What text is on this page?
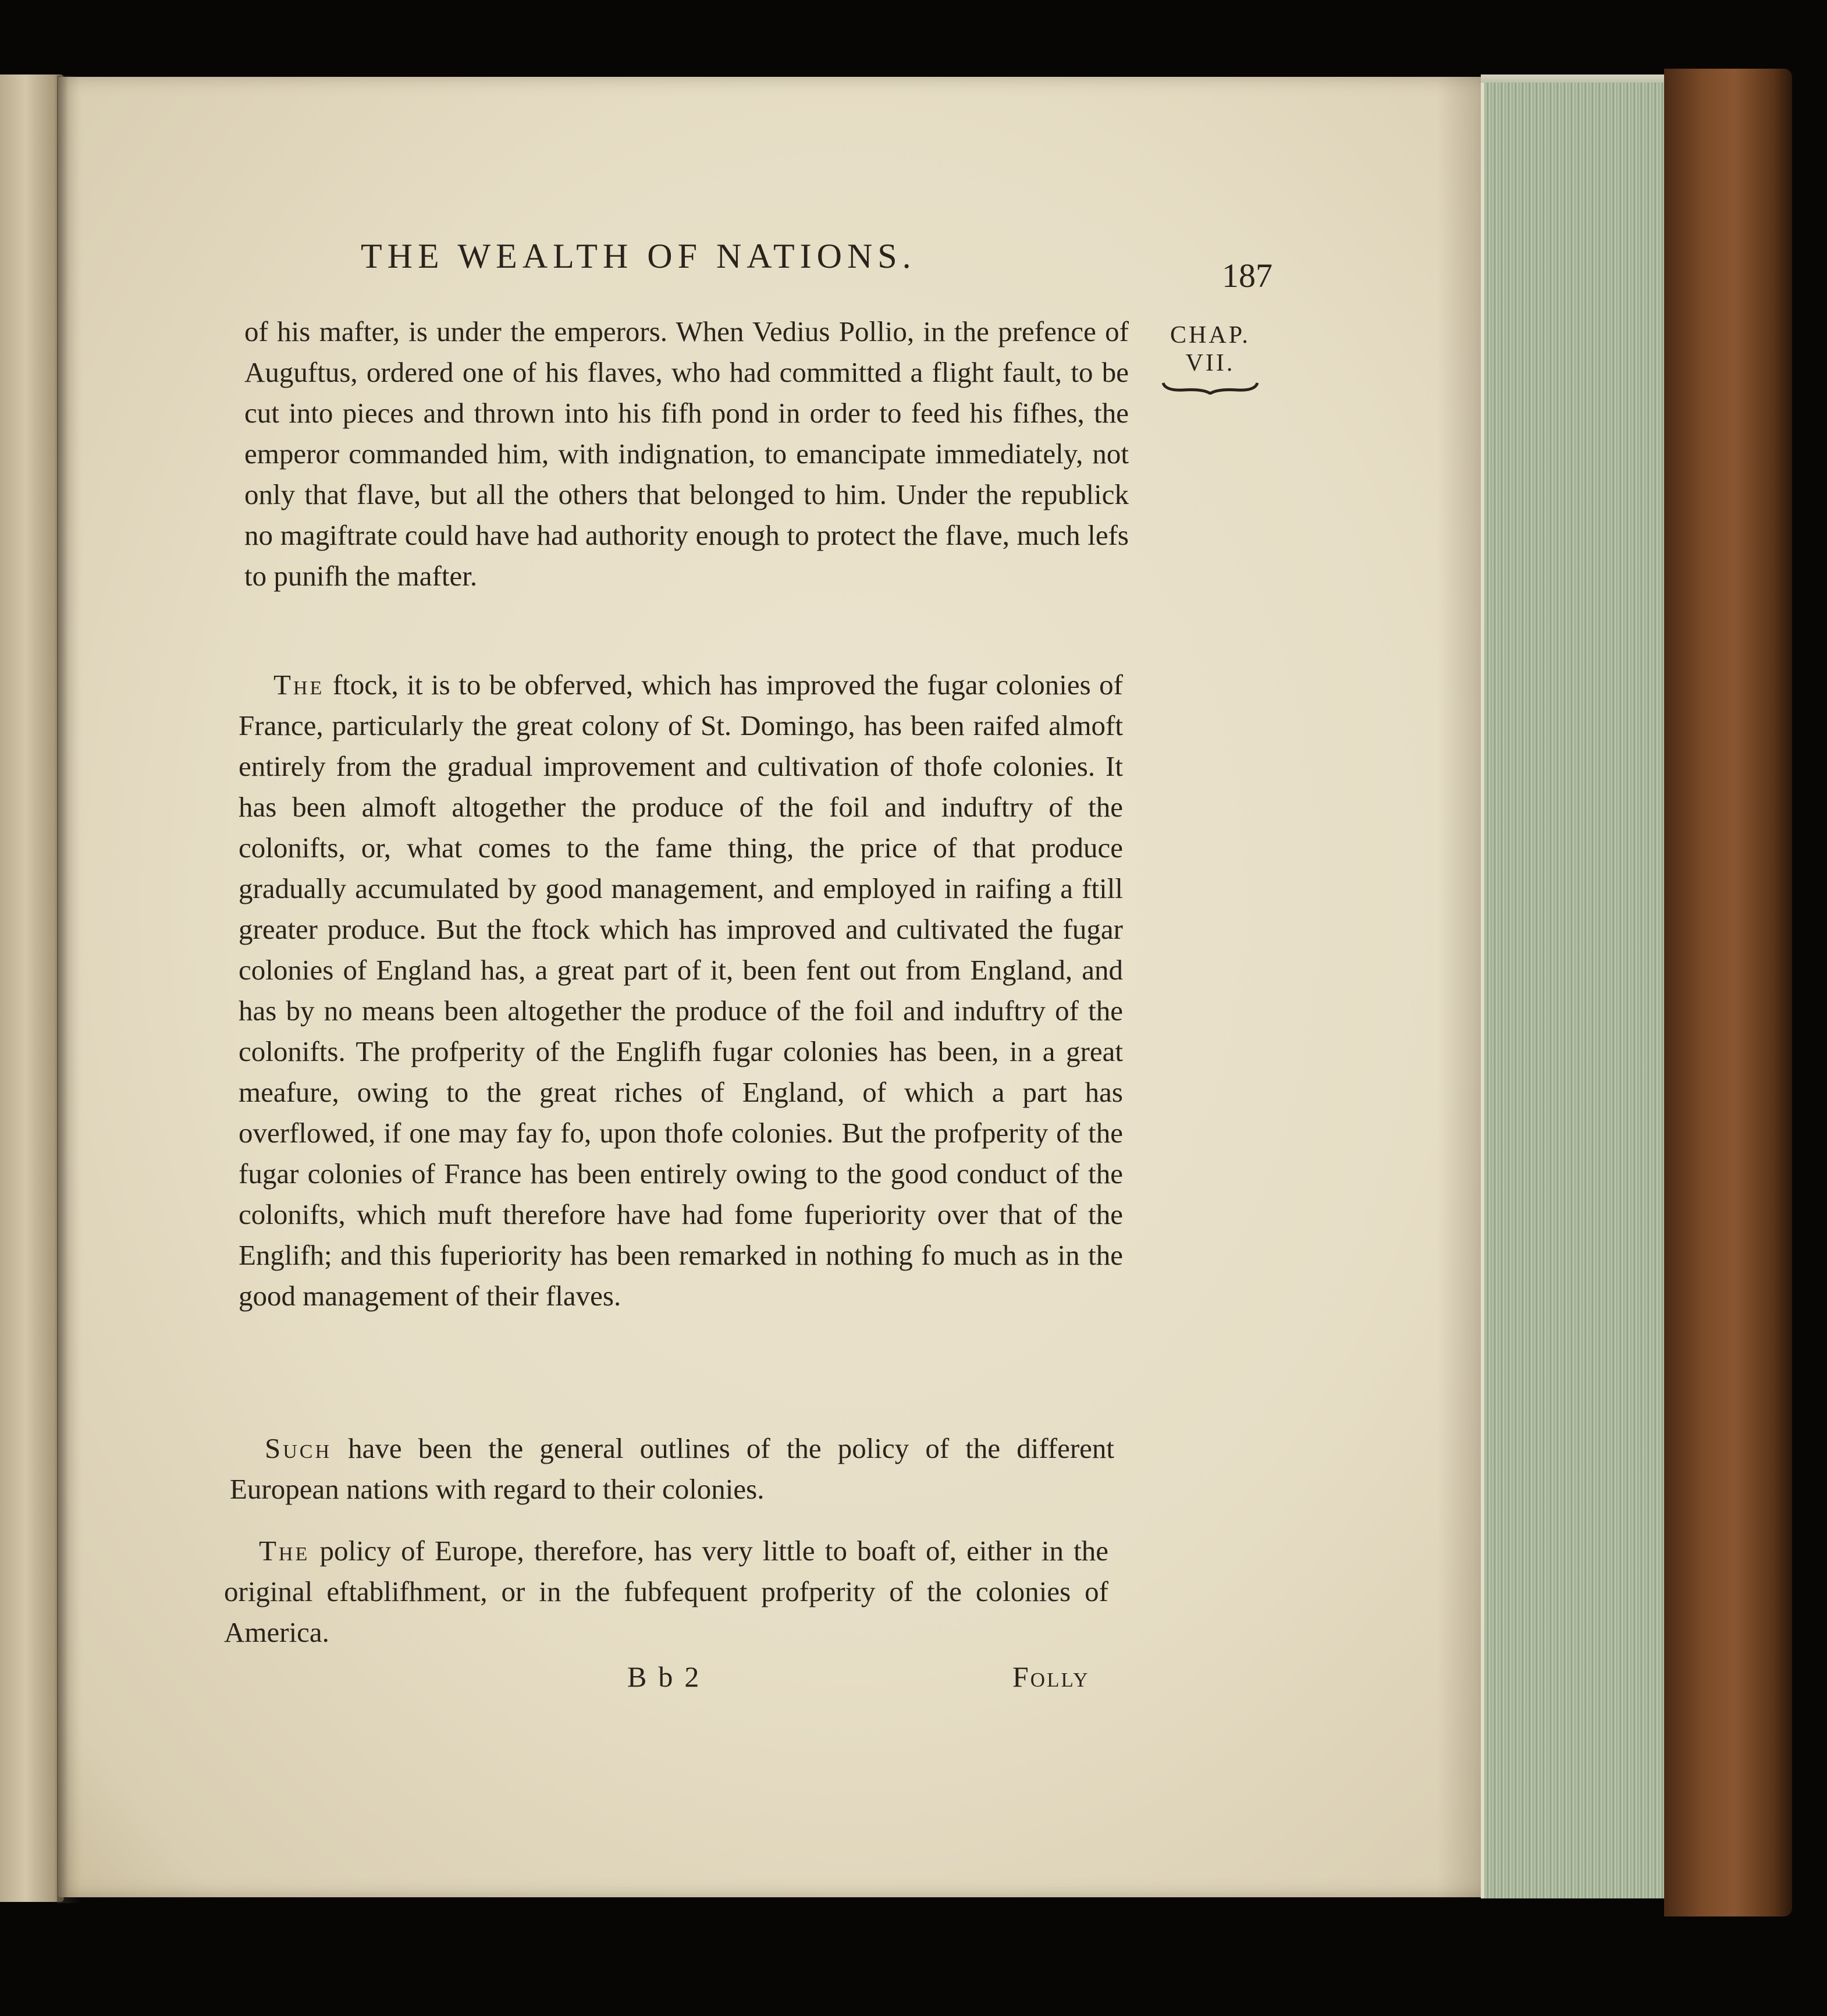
THE WEALTH OF NATIONS.
187
CHAP.
VII.
of his mafter, is under the emperors. When Vedius Pollio, in the prefence of Auguftus, ordered one of his flaves, who had committed a flight fault, to be cut into pieces and thrown into his fifh pond in order to feed his fifhes, the emperor commanded him, with indignation, to emancipate immediately, not only that flave, but all the others that belonged to him. Under the republick no magiftrate could have had authority enough to protect the flave, much lefs to punifh the mafter.
The ftock, it is to be obferved, which has improved the fugar colonies of France, particularly the great colony of St. Domingo, has been raifed almoft entirely from the gradual improvement and cultivation of thofe colonies. It has been almoft altogether the produce of the foil and induftry of the colonifts, or, what comes to the fame thing, the price of that produce gradually accumulated by good management, and employed in raifing a ftill greater produce. But the ftock which has improved and cultivated the fugar colonies of England has, a great part of it, been fent out from England, and has by no means been altogether the produce of the foil and induftry of the colonifts. The profperity of the Englifh fugar colonies has been, in a great meafure, owing to the great riches of England, of which a part has overflowed, if one may fay fo, upon thofe colonies. But the profperity of the fugar colonies of France has been entirely owing to the good conduct of the colonifts, which muft therefore have had fome fuperiority over that of the Englifh; and this fuperiority has been remarked in nothing fo much as in the good management of their flaves.
Such have been the general outlines of the policy of the different European nations with regard to their colonies.
The policy of Europe, therefore, has very little to boaft of, either in the original eftablifhment, or in the fubfequent profperity of the colonies of America.
Bb2	Folly
